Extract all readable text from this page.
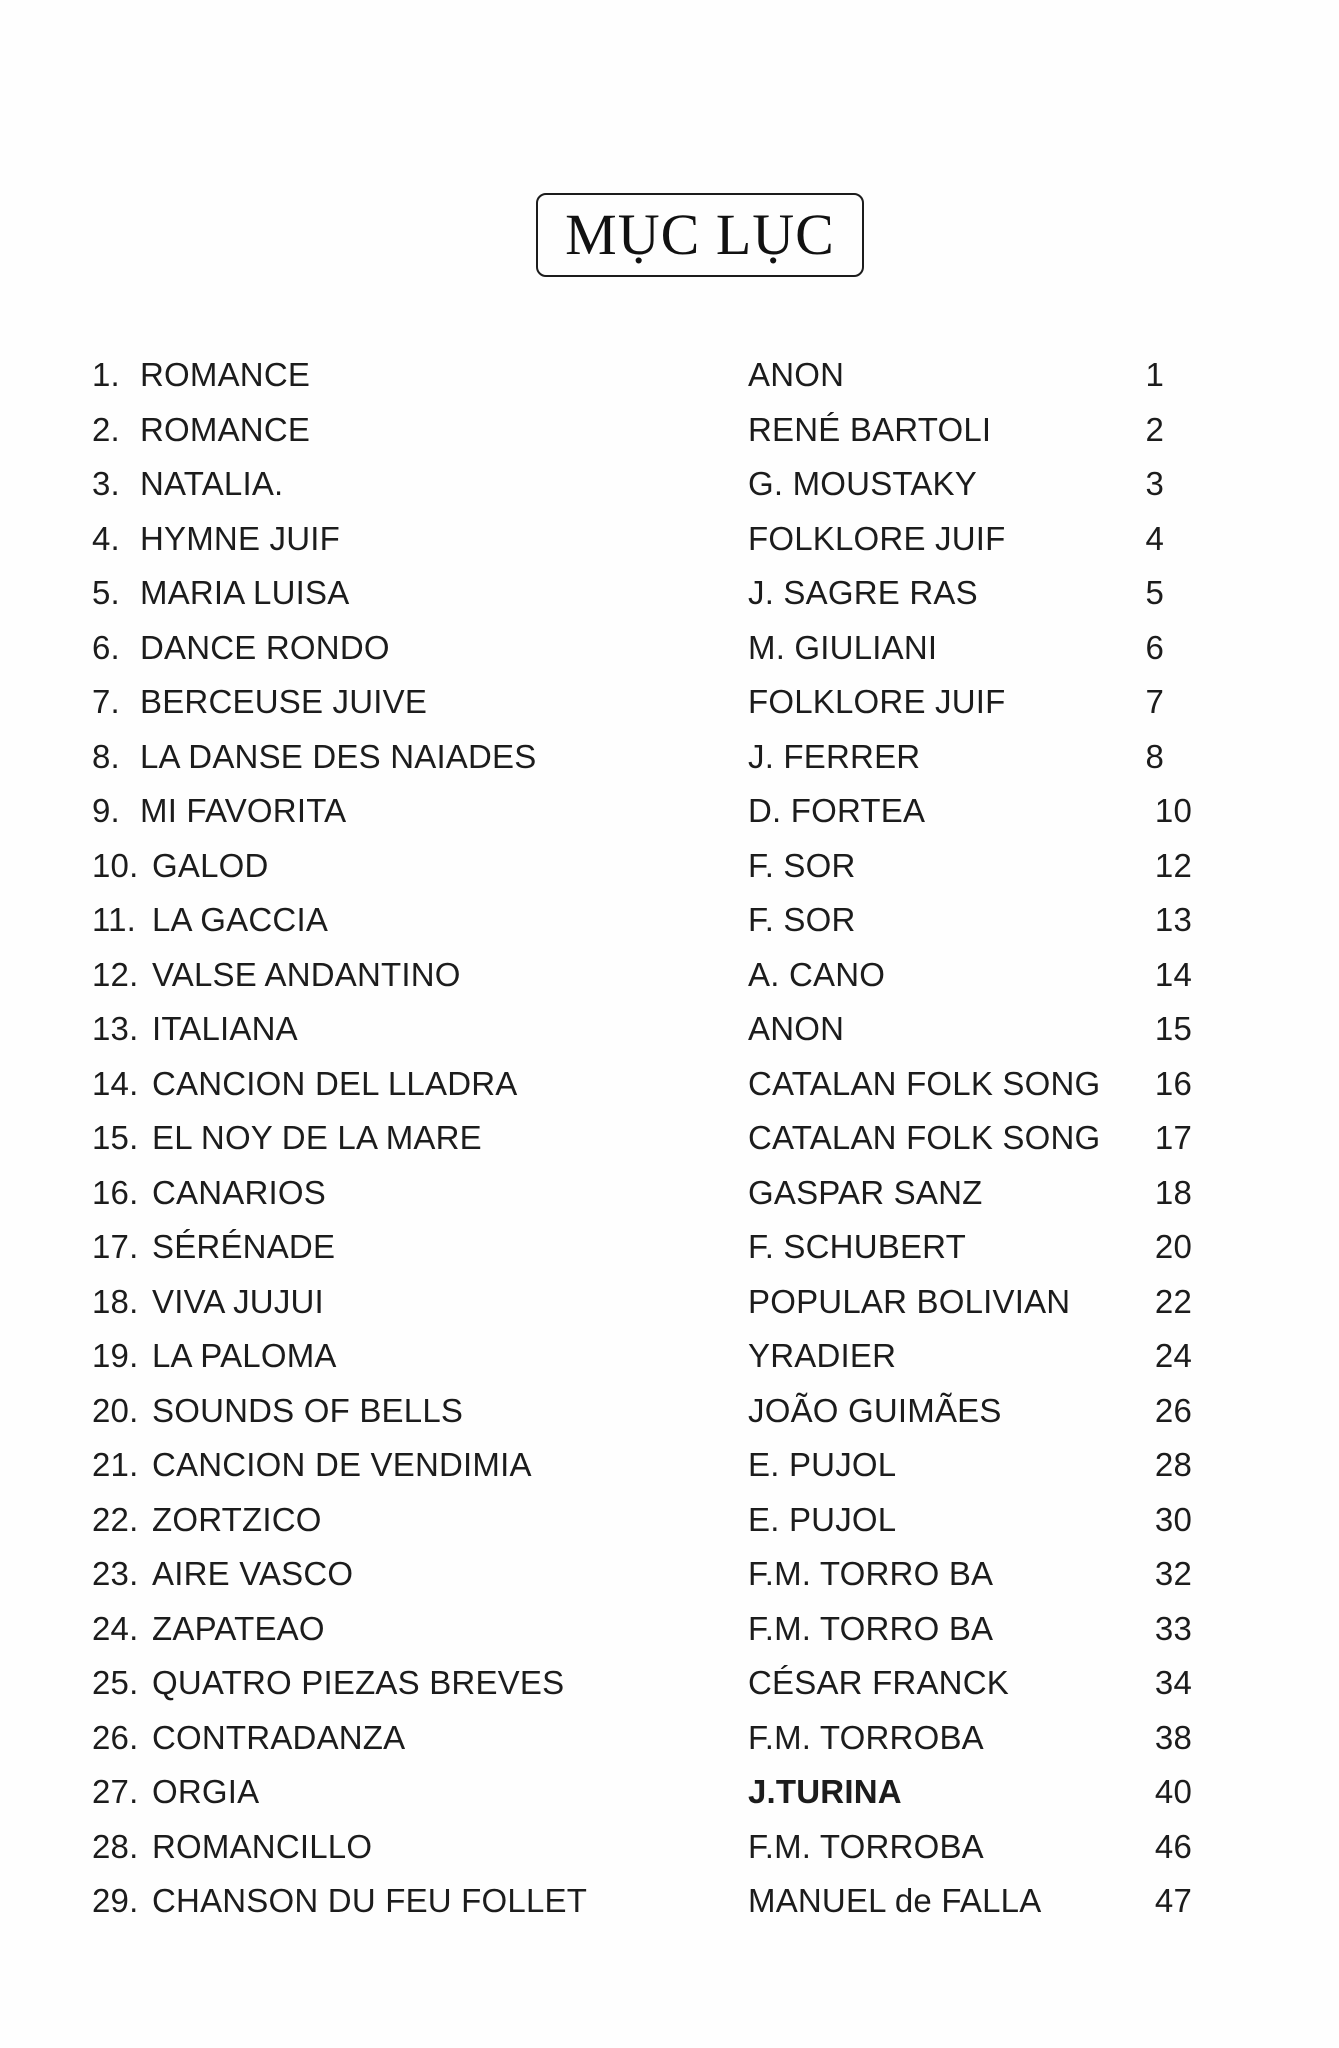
MỤC LỤC
1. ROMANCE	ANON	1
2. ROMANCE	RENÉ BARTOLI	2
3. NATALIA.	G. MOUSTAKY	3
4. HYMNE JUIF	FOLKLORE JUIF	4
5. MARIA LUISA	J. SAGRE RAS	5
6. DANCE RONDO	M. GIULIANI	6
7. BERCEUSE JUIVE	FOLKLORE JUIF	7
8. LA DANSE DES NAIADES	J. FERRER	8
9. MI FAVORITA	D. FORTEA	10
10. GALOD	F. SOR	12
11. LA GACCIA	F. SOR	13
12. VALSE ANDANTINO	A. CANO	14
13. ITALIANA	ANON	15
14. CANCION DEL LLADRA	CATALAN FOLK SONG	16
15. EL NOY DE LA MARE	CATALAN FOLK SONG	17
16. CANARIOS	GASPAR SANZ	18
17. SÉRÉNADE	F. SCHUBERT	20
18. VIVA JUJUI	POPULAR BOLIVIAN	22
19. LA PALOMA	YRADIER	24
20. SOUNDS OF BELLS	JOÃO GUIMÃES	26
21. CANCION DE VENDIMIA	E. PUJOL	28
22. ZORTZICO	E. PUJOL	30
23. AIRE VASCO	F.M. TORRO BA	32
24. ZAPATEAO	F.M. TORRO BA	33
25. QUATRO PIEZAS BREVES	CÉSAR FRANCK	34
26. CONTRADANZA	F.M. TORROBA	38
27. ORGIA	J.TURINA	40
28. ROMANCILLO	F.M. TORROBA	46
29. CHANSON DU FEU FOLLET	MANUEL de FALLA	47
